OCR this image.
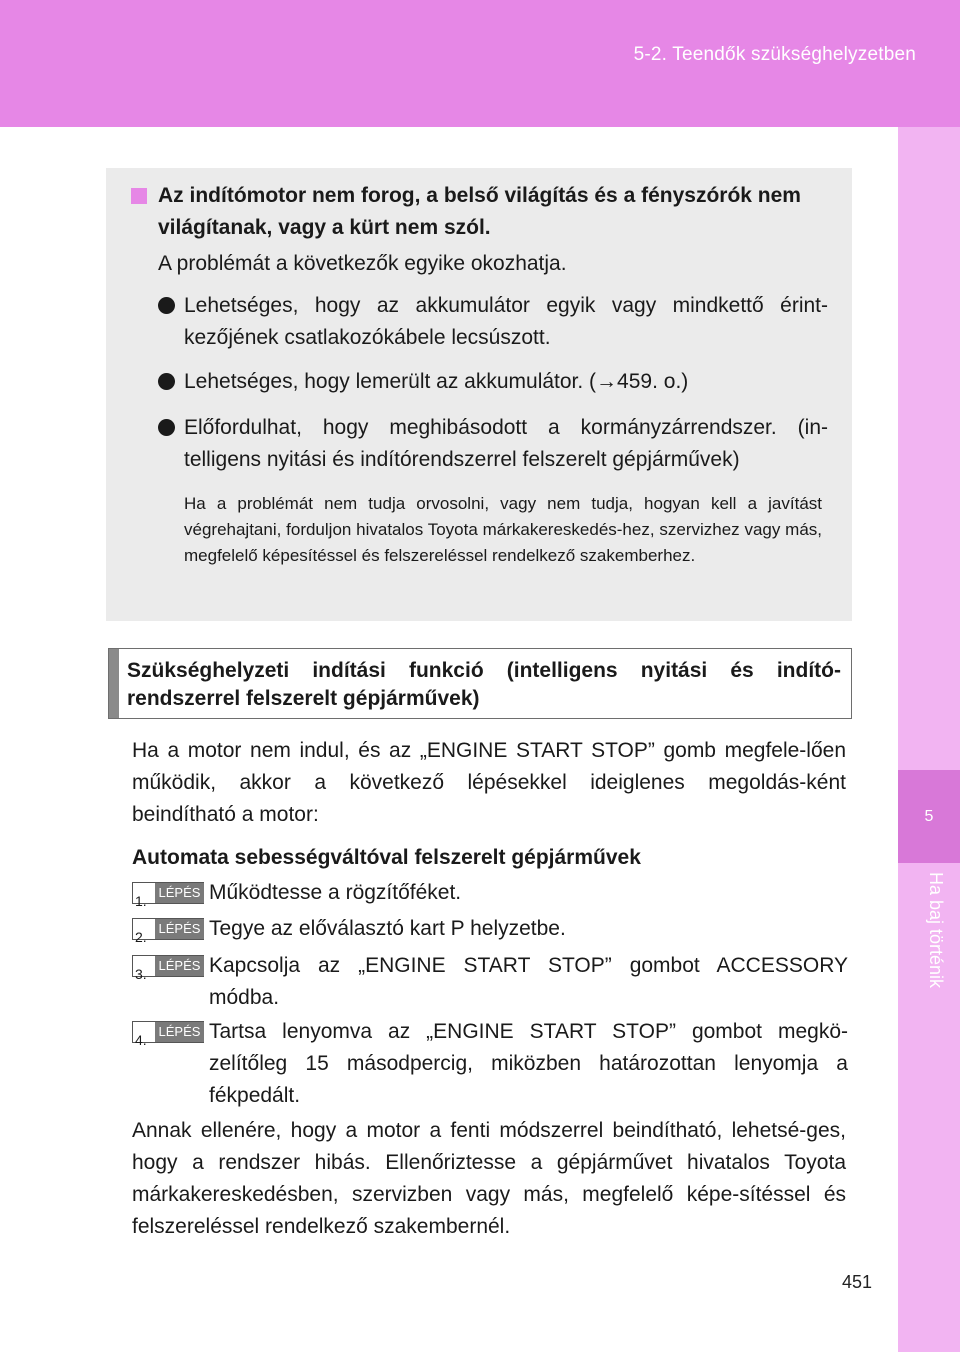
5-2. Teendők szükséghelyzetben
5
Ha baj történik
Az indítómotor nem forog, a belső világítás és a fényszórók nem világítanak, vagy a kürt nem szól.
A problémát a következők egyike okozhatja.
Lehetséges, hogy az akkumulátor egyik vagy mindkettő érint-kezőjének csatlakozókábele lecsúszott.
Lehetséges, hogy lemerült az akkumulátor. (→459. o.)
Előfordulhat, hogy meghibásodott a kormányzárrendszer. (in-telligens nyitási és indítórendszerrel felszerelt gépjárművek)
Ha a problémát nem tudja orvosolni, vagy nem tudja, hogyan kell a javítást végrehajtani, forduljon hivatalos Toyota márkakereskedés-hez, szervizhez vagy más, megfelelő képesítéssel és felszereléssel rendelkező szakemberhez.
Szükséghelyzeti indítási funkció (intelligens nyitási és indító-rendszerrel felszerelt gépjárművek)
Ha a motor nem indul, és az „ENGINE START STOP” gomb megfele-lően működik, akkor a következő lépésekkel ideiglenes megoldás-ként beindítható a motor:
Automata sebességváltóval felszerelt gépjárművek
1.
LÉPÉS Működtesse a rögzítőféket.
2.
LÉPÉS Tegye az előválasztó kart P helyzetbe.
3.
LÉPÉS Kapcsolja az „ENGINE START STOP” gombot ACCESSORY módba.
4.
LÉPÉS Tartsa lenyomva az „ENGINE START STOP” gombot megkö-zelítőleg 15 másodpercig, miközben határozottan lenyomja a fékpedált.
Annak ellenére, hogy a motor a fenti módszerrel beindítható, lehetsé-ges, hogy a rendszer hibás. Ellenőriztesse a gépjárművet hivatalos Toyota márkakereskedésben, szervizben vagy más, megfelelő képe-sítéssel és felszereléssel rendelkező szakembernél.
451
